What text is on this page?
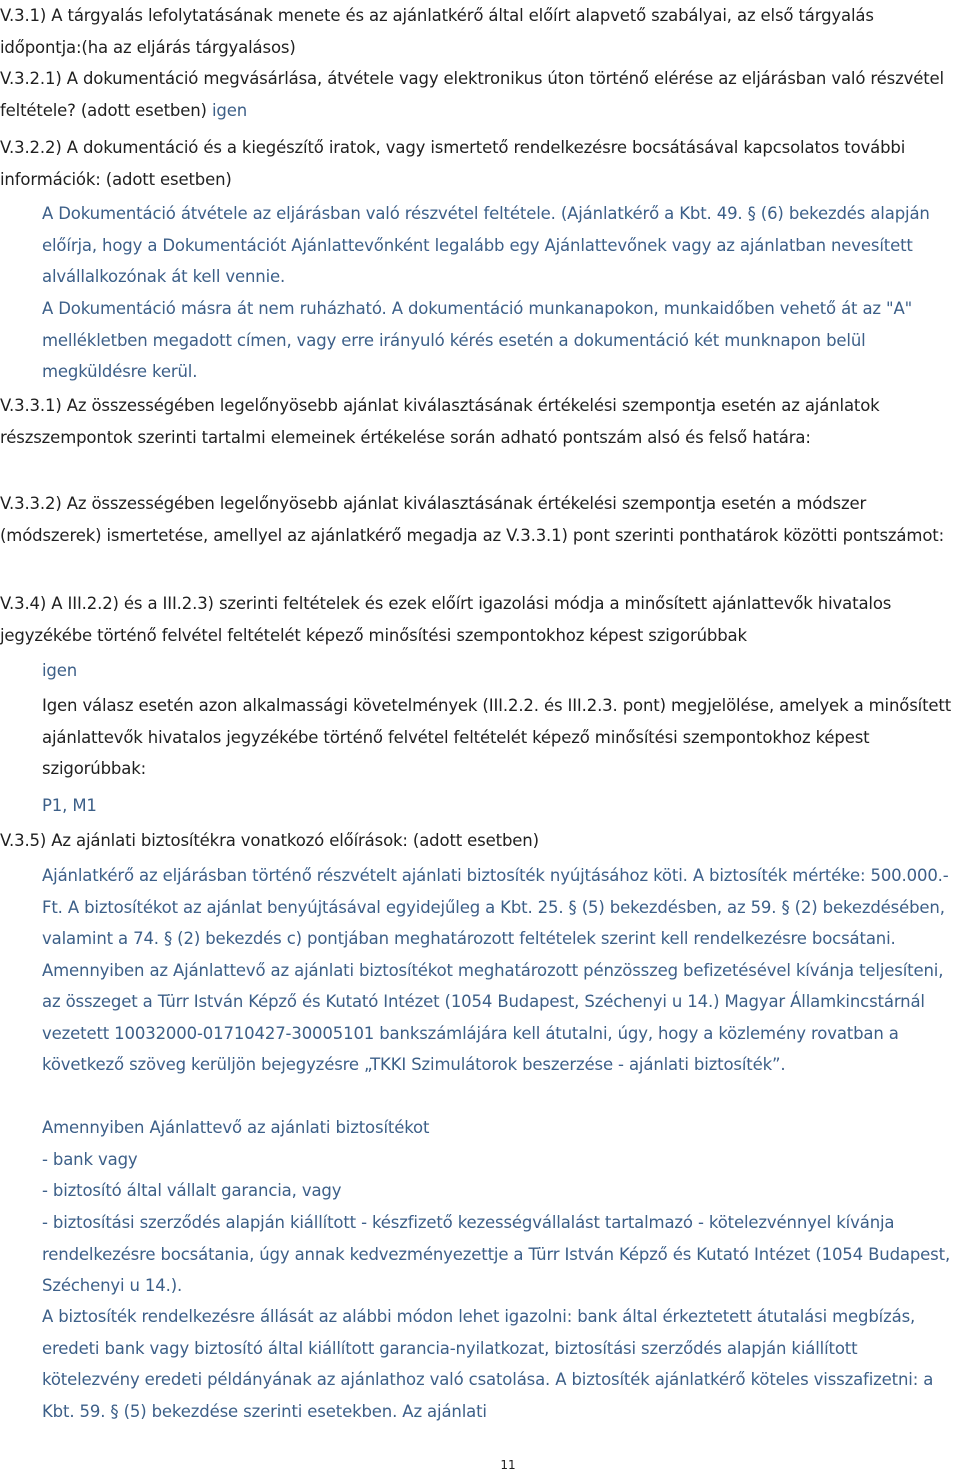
V.3.1) A tárgyalás lefolytatásának menete és az ajánlatkérő által előírt alapvető szabályai, az első tárgyalás időpontja:(ha az eljárás tárgyalásos)
V.3.2.1) A dokumentáció megvásárlása, átvétele vagy elektronikus úton történő elérése az eljárásban való részvétel feltétele? (adott esetben) igen
V.3.2.2) A dokumentáció és a kiegészítő iratok, vagy ismertető rendelkezésre bocsátásával kapcsolatos további információk: (adott esetben)
A Dokumentáció átvétele az eljárásban való részvétel feltétele. (Ajánlatkérő a Kbt. 49. § (6) bekezdés alapján előírja, hogy a Dokumentációt Ajánlattevőnként legalább egy Ajánlattevőnek vagy az ajánlatban nevesített alvállalkozónak át kell vennie.
A Dokumentáció másra át nem ruházható. A dokumentáció munkanapokon, munkaidőben vehető át az "A" mellékletben megadott címen, vagy erre irányuló kérés esetén a dokumentáció két munknapon belül megküldésre kerül.
V.3.3.1) Az összességében legelőnyösebb ajánlat kiválasztásának értékelési szempontja esetén az ajánlatok részszempontok szerinti tartalmi elemeinek értékelése során adható pontszám alsó és felső határa:
V.3.3.2) Az összességében legelőnyösebb ajánlat kiválasztásának értékelési szempontja esetén a módszer (módszerek) ismertetése, amellyel az ajánlatkérő megadja az V.3.3.1) pont szerinti ponthatárok közötti pontszámot:
V.3.4) A III.2.2) és a III.2.3) szerinti feltételek és ezek előírt igazolási módja a minősített ajánlattevők hivatalos jegyzékébe történő felvétel feltételét képező minősítési szempontokhoz képest szigorúbbak
igen
Igen válasz esetén azon alkalmassági követelmények (III.2.2. és III.2.3. pont) megjelölése, amelyek a minősített ajánlattevők hivatalos jegyzékébe történő felvétel feltételét képező minősítési szempontokhoz képest szigorúbbak:
P1, M1
V.3.5) Az ajánlati biztosítékra vonatkozó előírások: (adott esetben)
Ajánlatkérő az eljárásban történő részvételt ajánlati biztosíték nyújtásához köti. A biztosíték mértéke: 500.000.-Ft. A biztosítékot az ajánlat benyújtásával egyidejűleg a Kbt. 25. § (5) bekezdésben, az 59. § (2) bekezdésében, valamint a 74. § (2) bekezdés c) pontjában meghatározott feltételek szerint kell rendelkezésre bocsátani. Amennyiben az Ajánlattevő az ajánlati biztosítékot meghatározott pénzösszeg befizetésével kívánja teljesíteni, az összeget a Türr István Képző és Kutató Intézet (1054 Budapest, Széchenyi u 14.) Magyar Államkincstárnál vezetett 10032000-01710427-30005101 bankszámlájára kell átutalni, úgy, hogy a közlemény rovatban a következő szöveg kerüljön bejegyzésre „TKKI Szimulátorok beszerzése - ajánlati biztosíték”.
Amennyiben Ajánlattevő az ajánlati biztosítékot
- bank vagy
- biztosító által vállalt garancia, vagy
- biztosítási szerződés alapján kiállított - készfizető kezességvállalást tartalmazó - kötelezvénnyel kívánja rendelkezésre bocsátania, úgy annak kedvezményezettje a Türr István Képző és Kutató Intézet (1054 Budapest, Széchenyi u 14.).
A biztosíték rendelkezésre állását az alábbi módon lehet igazolni: bank által érkeztetett átutalási megbízás, eredeti bank vagy biztosító által kiállított garancia-nyilatkozat, biztosítási szerződés alapján kiállított kötelezvény eredeti példányának az ajánlathoz való csatolása. A biztosíték ajánlatkérő köteles visszafizetni: a Kbt. 59. § (5) bekezdése szerinti esetekben. Az ajánlati
11
